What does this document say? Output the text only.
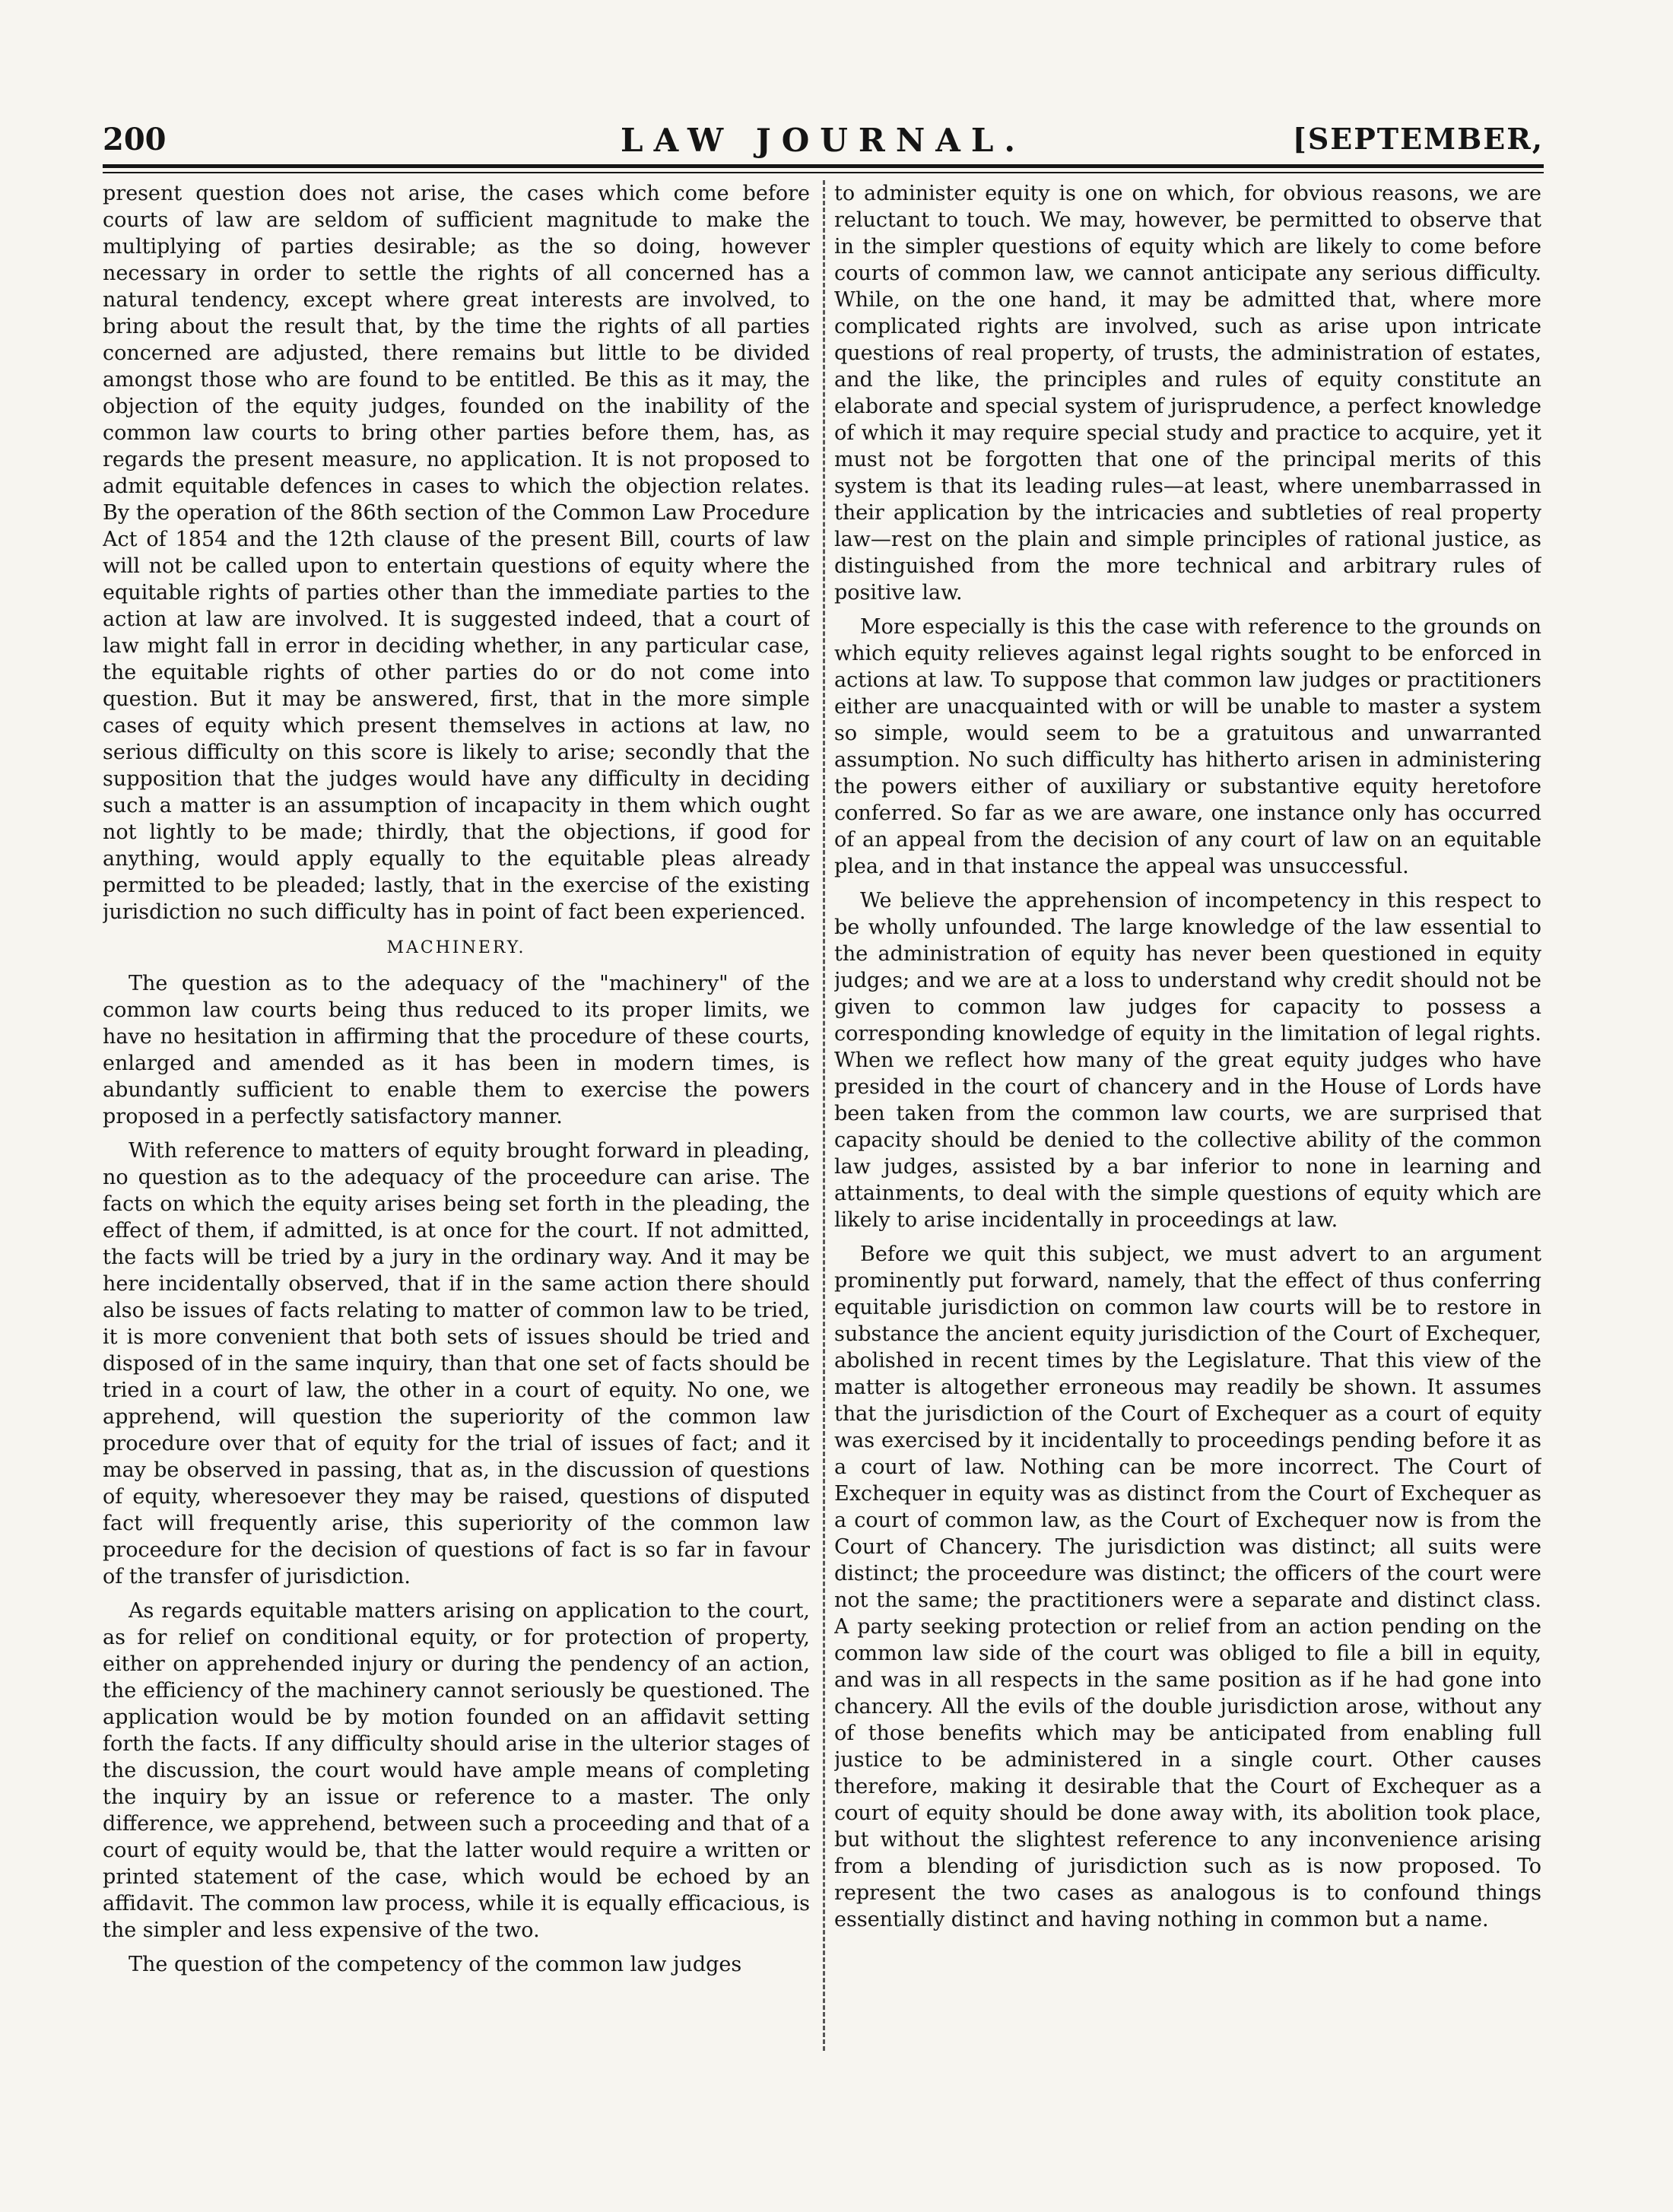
200	LAW JOURNAL.	[SEPTEMBER,

present question does not arise, the cases which come before courts of law are seldom of sufficient magnitude to make the multiplying of parties desirable; as the so doing, however necessary in order to settle the rights of all concerned has a natural tendency, except where great interests are involved, to bring about the result that, by the time the rights of all parties concerned are adjusted, there remains but little to be divided amongst those who are found to be entitled. Be this as it may, the objection of the equity judges, founded on the inability of the common law courts to bring other parties before them, has, as regards the present measure, no application. It is not proposed to admit equitable defences in cases to which the objection relates. By the operation of the 86th section of the Common Law Procedure Act of 1854 and the 12th clause of the present Bill, courts of law will not be called upon to entertain questions of equity where the equitable rights of parties other than the immediate parties to the action at law are involved. It is suggested indeed, that a court of law might fall in error in deciding whether, in any particular case, the equitable rights of other parties do or do not come into question. But it may be answered, first, that in the more simple cases of equity which present themselves in actions at law, no serious difficulty on this score is likely to arise; secondly that the supposition that the judges would have any difficulty in deciding such a matter is an assumption of incapacity in them which ought not lightly to be made; thirdly, that the objections, if good for anything, would apply equally to the equitable pleas already permitted to be pleaded; lastly, that in the exercise of the existing jurisdiction no such difficulty has in point of fact been experienced.

MACHINERY.

The question as to the adequacy of the "machinery" of the common law courts being thus reduced to its proper limits, we have no hesitation in affirming that the procedure of these courts, enlarged and amended as it has been in modern times, is abundantly sufficient to enable them to exercise the powers proposed in a perfectly satisfactory manner.

With reference to matters of equity brought forward in pleading, no question as to the adequacy of the proceedure can arise. The facts on which the equity arises being set forth in the pleading, the effect of them, if admitted, is at once for the court. If not admitted, the facts will be tried by a jury in the ordinary way. And it may be here incidentally observed, that if in the same action there should also be issues of facts relating to matter of common law to be tried, it is more convenient that both sets of issues should be tried and disposed of in the same inquiry, than that one set of facts should be tried in a court of law, the other in a court of equity. No one, we apprehend, will question the superiority of the common law procedure over that of equity for the trial of issues of fact; and it may be observed in passing, that as, in the discussion of questions of equity, wheresoever they may be raised, questions of disputed fact will frequently arise, this superiority of the common law proceedure for the decision of questions of fact is so far in favour of the transfer of jurisdiction.

As regards equitable matters arising on application to the court, as for relief on conditional equity, or for protection of property, either on apprehended injury or during the pendency of an action, the efficiency of the machinery cannot seriously be questioned. The application would be by motion founded on an affidavit setting forth the facts. If any difficulty should arise in the ulterior stages of the discussion, the court would have ample means of completing the inquiry by an issue or reference to a master. The only difference, we apprehend, between such a proceeding and that of a court of equity would be, that the latter would require a written or printed statement of the case, which would be echoed by an affidavit. The common law process, while it is equally efficacious, is the simpler and less expensive of the two.

The question of the competency of the common law judges

to administer equity is one on which, for obvious reasons, we are reluctant to touch. We may, however, be permitted to observe that in the simpler questions of equity which are likely to come before courts of common law, we cannot anticipate any serious difficulty. While, on the one hand, it may be admitted that, where more complicated rights are involved, such as arise upon intricate questions of real property, of trusts, the administration of estates, and the like, the principles and rules of equity constitute an elaborate and special system of jurisprudence, a perfect knowledge of which it may require special study and practice to acquire, yet it must not be forgotten that one of the principal merits of this system is that its leading rules—at least, where unembarrassed in their application by the intricacies and subtleties of real property law—rest on the plain and simple principles of rational justice, as distinguished from the more technical and arbitrary rules of positive law.

More especially is this the case with reference to the grounds on which equity relieves against legal rights sought to be enforced in actions at law. To suppose that common law judges or practitioners either are unacquainted with or will be unable to master a system so simple, would seem to be a gratuitous and unwarranted assumption. No such difficulty has hitherto arisen in administering the powers either of auxiliary or substantive equity heretofore conferred. So far as we are aware, one instance only has occurred of an appeal from the decision of any court of law on an equitable plea, and in that instance the appeal was unsuccessful.

We believe the apprehension of incompetency in this respect to be wholly unfounded. The large knowledge of the law essential to the administration of equity has never been questioned in equity judges; and we are at a loss to understand why credit should not be given to common law judges for capacity to possess a corresponding knowledge of equity in the limitation of legal rights. When we reflect how many of the great equity judges who have presided in the court of chancery and in the House of Lords have been taken from the common law courts, we are surprised that capacity should be denied to the collective ability of the common law judges, assisted by a bar inferior to none in learning and attainments, to deal with the simple questions of equity which are likely to arise incidentally in proceedings at law.

Before we quit this subject, we must advert to an argument prominently put forward, namely, that the effect of thus conferring equitable jurisdiction on common law courts will be to restore in substance the ancient equity jurisdiction of the Court of Exchequer, abolished in recent times by the Legislature. That this view of the matter is altogether erroneous may readily be shown. It assumes that the jurisdiction of the Court of Exchequer as a court of equity was exercised by it incidentally to proceedings pending before it as a court of law. Nothing can be more incorrect. The Court of Exchequer in equity was as distinct from the Court of Exchequer as a court of common law, as the Court of Exchequer now is from the Court of Chancery. The jurisdiction was distinct; all suits were distinct; the proceedure was distinct; the officers of the court were not the same; the practitioners were a separate and distinct class. A party seeking protection or relief from an action pending on the common law side of the court was obliged to file a bill in equity, and was in all respects in the same position as if he had gone into chancery. All the evils of the double jurisdiction arose, without any of those benefits which may be anticipated from enabling full justice to be administered in a single court. Other causes therefore, making it desirable that the Court of Exchequer as a court of equity should be done away with, its abolition took place, but without the slightest reference to any inconvenience arising from a blending of jurisdiction such as is now proposed. To represent the two cases as analogous is to confound things essentially distinct and having nothing in common but a name.
